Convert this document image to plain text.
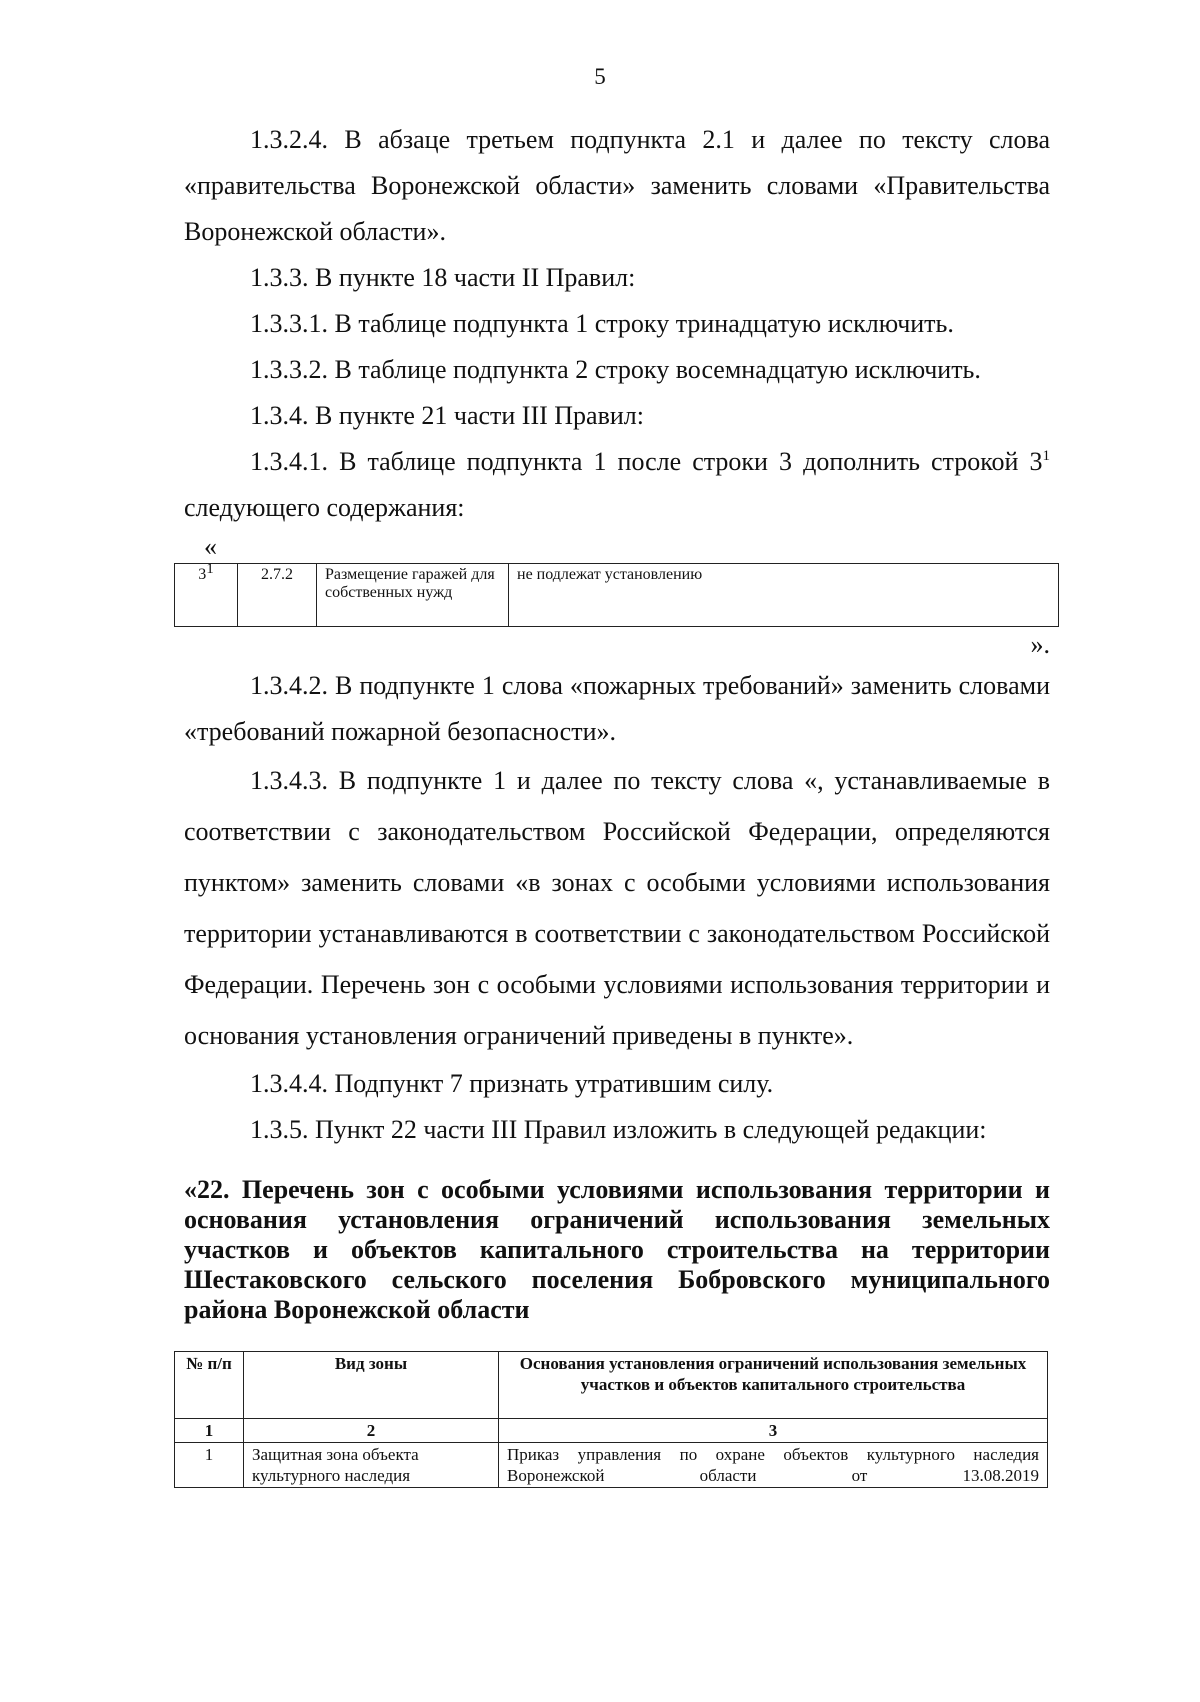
5

1.3.2.4. В абзаце третьем подпункта 2.1 и далее по тексту слова «правительства Воронежской области» заменить словами «Правительства Воронежской области».

1.3.3. В пункте 18 части II Правил:

1.3.3.1. В таблице подпункта 1 строку тринадцатую исключить.

1.3.3.2. В таблице подпункта 2 строку восемнадцатую исключить.

1.3.4. В пункте 21 части III Правил:

1.3.4.1. В таблице подпункта 1 после строки 3 дополнить строкой $3^1$

следующего содержания:

«

$3^1$	2.7.2	Размещение гаражей для собственных нужд	не подлежат установлению

».

1.3.4.2. В подпункте 1 слова «пожарных требований» заменить словами «требований пожарной безопасности».

1.3.4.3. В подпункте 1 и далее по тексту слова «, устанавливаемые в соответствии с законодательством Российской Федерации, определяются пунктом» заменить словами «в зонах с особыми условиями использования территории устанавливаются в соответствии с законодательством Российской Федерации. Перечень зон с особыми условиями использования территории и основания установления ограничений приведены в пункте».

1.3.4.4. Подпункт 7 признать утратившим силу.

1.3.5. Пункт 22 части III Правил изложить в следующей редакции:

«22. Перечень зон с особыми условиями использования территории и основания установления ограничений использования земельных участков и объектов капитального строительства на территории Шестаковского сельского поселения Бобровского муниципального района Воронежской области

№ п/п	Вид зоны	Основания установления ограничений использования земельных участков и объектов капитального строительства
1	2	3
1	Защитная зона объекта культурного наследия	Приказ управления по охране объектов культурного наследия Воронежской области от 13.08.2019
